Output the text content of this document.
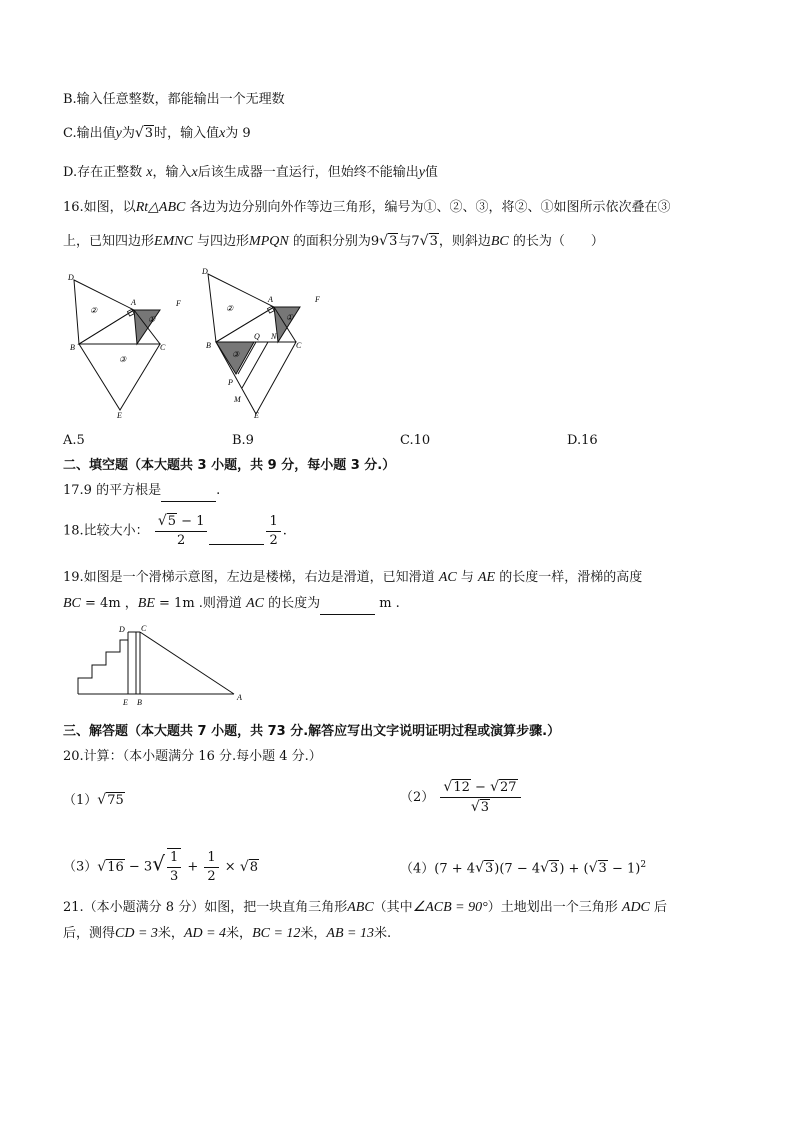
B.输入任意整数，都能输出一个无理数
C.输出值y为√3时，输入值x为 9
D.存在正整数 x，输入x后该生成器一直运行，但始终不能输出y值
16.如图，以Rt△ABC 各边为边分别向外作等边三角形，编号为①、②、③，将②、①如图所示依次叠在③
上，已知四边形EMNC 与四边形MPQN 的面积分别为9√3与7√3，则斜边BC 的长为（　　）
D
A	F
B	C
E
①
②
③
D
A	F
B	C
Q N
P
M
E
①
②
③
A.5	B.9	C.10	D.16
二、填空题（本大题共 3 小题，共 9 分，每小题 3 分.）
17.9 的平方根是	.
18.比较大小： $\frac{√5 - 1}{2}$
	$\frac{1}{2}$ .
19.如图是一个滑梯示意图，左边是楼梯，右边是滑道，已知滑道 AC 与 AE 的长度一样，滑梯的高度
BC = 4m ，BE = 1m .则滑道 AC 的长度为	m .
D C
E B
A
三、解答题（本大题共 7 小题，共 73 分.解答应写出文字说明证明过程或演算步骤.）
20.计算：（本小题满分 16 分.每小题 4 分.）
（1）√75	$(2) \frac{√12 - √27}{√3}$
$(3)√16 - 3√ \frac{1}{3} + \frac{1}{2} \times √8$	$(4)(7 + 4√3)(7 - 4√3) + (√3 - 1)^2$
21.（本小题满分 8 分）如图，把一块直角三角形ABC（其中∠ACB = 90°）土地划出一个三角形 ADC 后
后，测得CD = 3米，AD = 4米，BC = 12米，AB = 13米.
